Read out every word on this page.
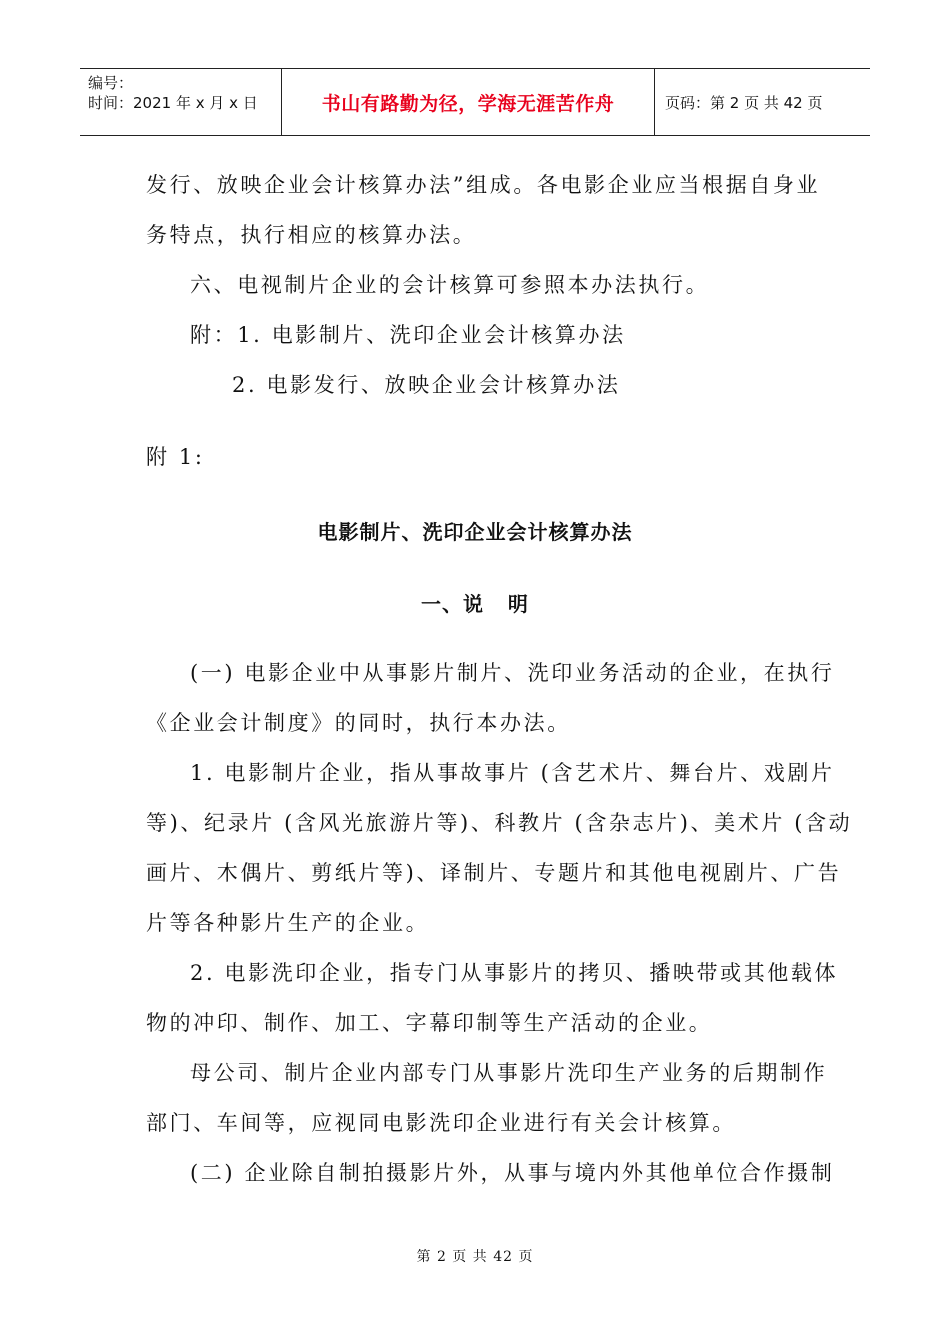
编号：
时间：2021 年 x 月 x 日	书山有路勤为径，学海无涯苦作舟	页码：第 2 页 共 42 页
发行、放映企业会计核算办法”组成。各电影企业应当根据自身业
务特点，执行相应的核算办法。
六、电视制片企业的会计核算可参照本办法执行。
附：1. 电影制片、洗印企业会计核算办法
2. 电影发行、放映企业会计核算办法
附 1:
电影制片、洗印企业会计核算办法
一、说   明
(一) 电影企业中从事影片制片、洗印业务活动的企业，在执行
《企业会计制度》的同时，执行本办法。
1. 电影制片企业，指从事故事片 (含艺术片、舞台片、戏剧片
等)、纪录片 (含风光旅游片等)、科教片 (含杂志片)、美术片 (含动
画片、木偶片、剪纸片等)、译制片、专题片和其他电视剧片、广告
片等各种影片生产的企业。
2. 电影洗印企业，指专门从事影片的拷贝、播映带或其他载体
物的冲印、制作、加工、字幕印制等生产活动的企业。
母公司、制片企业内部专门从事影片洗印生产业务的后期制作
部门、车间等，应视同电影洗印企业进行有关会计核算。
(二) 企业除自制拍摄影片外，从事与境内外其他单位合作摄制
第 2 页 共 42 页
